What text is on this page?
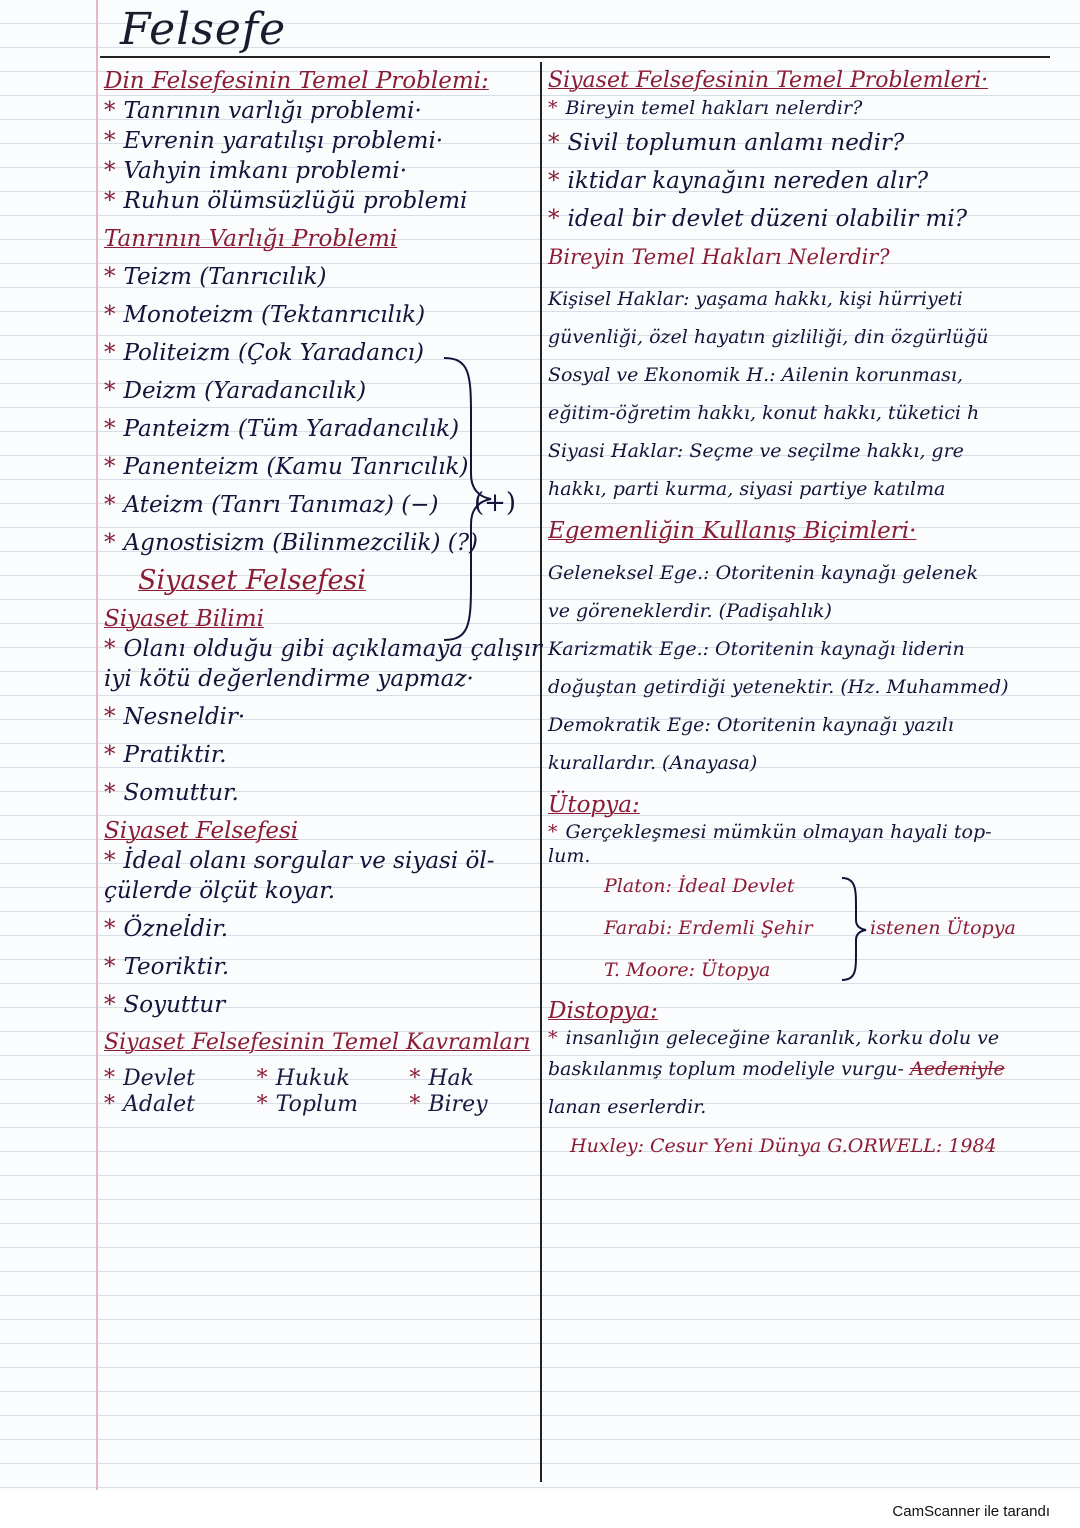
Felsefe
Din Felsefesinin Temel Problemi:
* Tanrının varlığı problemi·
* Evrenin yaratılışı problemi·
* Vahyin imkanı problemi·
* Ruhun ölümsüzlüğü problemi
Tanrının Varlığı Problemi
* Teizm (Tanrıcılık)
* Monoteizm (Tektanrıcılık)
* Politeizm (Çok Yaradancı)
* Deizm (Yaradancılık)
* Panteizm (Tüm Yaradancılık)
* Panenteizm (Kamu Tanrıcılık)
* Ateizm (Tanrı Tanımaz) (−)
* Agnostisizm (Bilinmezcilik) (?)
Siyaset Felsefesi
Siyaset Bilimi
* Olanı olduğu gibi açıklamaya çalışır
iyi kötü değerlendirme yapmaz·
* Nesneldir·
* Pratiktir.
* Somuttur.
Siyaset Felsefesi
* İdeal olanı sorgular ve siyasi öl-
çülerde ölçüt koyar.
* Öznel̇dir.
* Teoriktir.
* Soyuttur
Siyaset Felsefesinin Temel Kavramları
* Devlet	* Hukuk	* Hak
* Adalet	* Toplum	* Birey
(+)
Siyaset Felsefesinin Temel Problemleri·
* Bireyin temel hakları nelerdir?
* Sivil toplumun anlamı nedir?
* iktidar kaynağını nereden alır?
* ideal bir devlet düzeni olabilir mi?
Bireyin Temel Hakları Nelerdir?
Kişisel Haklar: yaşama hakkı, kişi hürriyeti
güvenliği, özel hayatın gizliliği, din özgürlüğü
Sosyal ve Ekonomik H.: Ailenin korunması,
eğitim-öğretim hakkı, konut hakkı, tüketici h
Siyasi Haklar: Seçme ve seçilme hakkı, gre
hakkı, parti kurma, siyasi partiye katılma
Egemenliğin Kullanış Biçimleri·
Geleneksel Ege.: Otoritenin kaynağı gelenek
ve göreneklerdir. (Padişahlık)
Karizmatik Ege.: Otoritenin kaynağı liderin
doğuştan getirdiği yetenektir. (Hz. Muhammed)
Demokratik Ege: Otoritenin kaynağı yazılı
kurallardır. (Anayasa)
Ütopya:
* Gerçekleşmesi mümkün olmayan hayali top-
lum.
Platon: İdeal Devlet
Farabi: Erdemli Şehir
T. Moore: Ütopya
istenen Ütopya
Distopya:
* insanlığın geleceğine karanlık, korku dolu ve
baskılanmış toplum modeliyle vurgu- Aedeniyle
lanan eserlerdir.
Huxley: Cesur Yeni Dünya G.ORWELL: 1984
CamScanner ile tarandı
